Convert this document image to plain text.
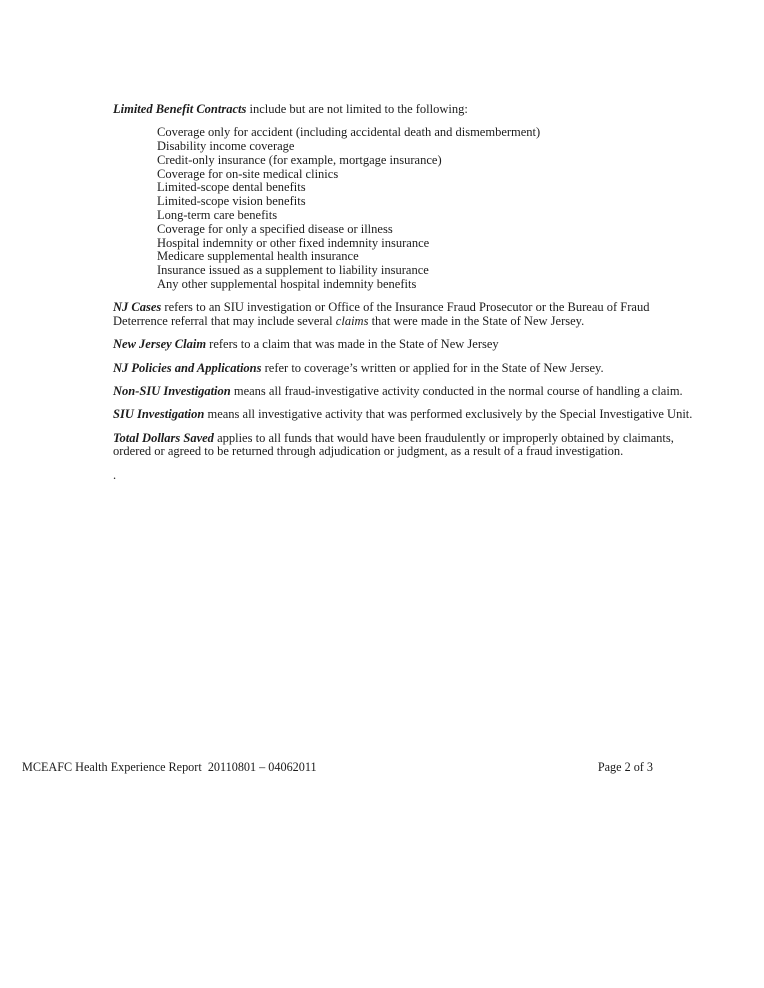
Limited Benefit Contracts include but are not limited to the following:

Coverage only for accident (including accidental death and dismemberment)
Disability income coverage
Credit-only insurance (for example, mortgage insurance)
Coverage for on-site medical clinics
Limited-scope dental benefits
Limited-scope vision benefits
Long-term care benefits
Coverage for only a specified disease or illness
Hospital indemnity or other fixed indemnity insurance
Medicare supplemental health insurance
Insurance issued as a supplement to liability insurance
Any other supplemental hospital indemnity benefits

NJ Cases refers to an SIU investigation or Office of the Insurance Fraud Prosecutor or the Bureau of Fraud
Deterrence referral that may include several claims that were made in the State of New Jersey.

New Jersey Claim refers to a claim that was made in the State of New Jersey

NJ Policies and Applications refer to coverage’s written or applied for in the State of New Jersey.

Non-SIU Investigation means all fraud-investigative activity conducted in the normal course of handling a claim.

SIU Investigation means all investigative activity that was performed exclusively by the Special Investigative Unit.

Total Dollars Saved applies to all funds that would have been fraudulently or improperly obtained by claimants,
ordered or agreed to be returned through adjudication or judgment, as a result of a fraud investigation.

.

MCEAFC Health Experience Report  20110801 – 04062011	Page 2 of 3
